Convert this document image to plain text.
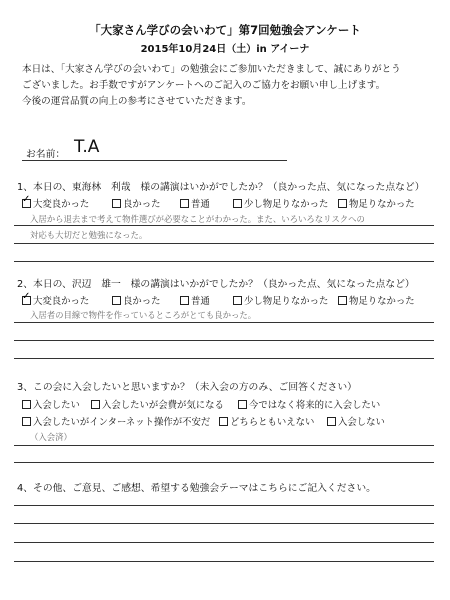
「大家さん学びの会いわて」第7回勉強会アンケート
2015年10月24日（土）in アイーナ
本日は、「大家さん学びの会いわて」の勉強会にご参加いただきまして、誠にありがとう
ございました。お手数ですがアンケートへのご記入のご協力をお願い申し上げます。
今後の運営品質の向上の参考にさせていただきます。
お名前： T.A
1、本日の、東海林　利哉　様の講演はいかがでしたか？（良かった点、気になった点など）
✓大変良かった	良かった	普通	少し物足りなかった	物足りなかった
入居から退去まで考えて物件選びが必要なことがわかった。また、いろいろなリスクへの
対応も大切だと勉強になった。
2、本日の、沢辺　雄一　様の講演はいかがでしたか？（良かった点、気になった点など）
✓大変良かった	良かった	普通	少し物足りなかった	物足りなかった
入居者の目線で物件を作っているところがとても良かった。
3、この会に入会したいと思いますか？（未入会の方のみ、ご回答ください）
入会したい	入会したいが会費が気になる	今ではなく将来的に入会したい
入会したいがインターネット操作が不安だ	どちらともいえない	入会しない
（入会済）
4、その他、ご意見、ご感想、希望する勉強会テーマはこちらにご記入ください。
